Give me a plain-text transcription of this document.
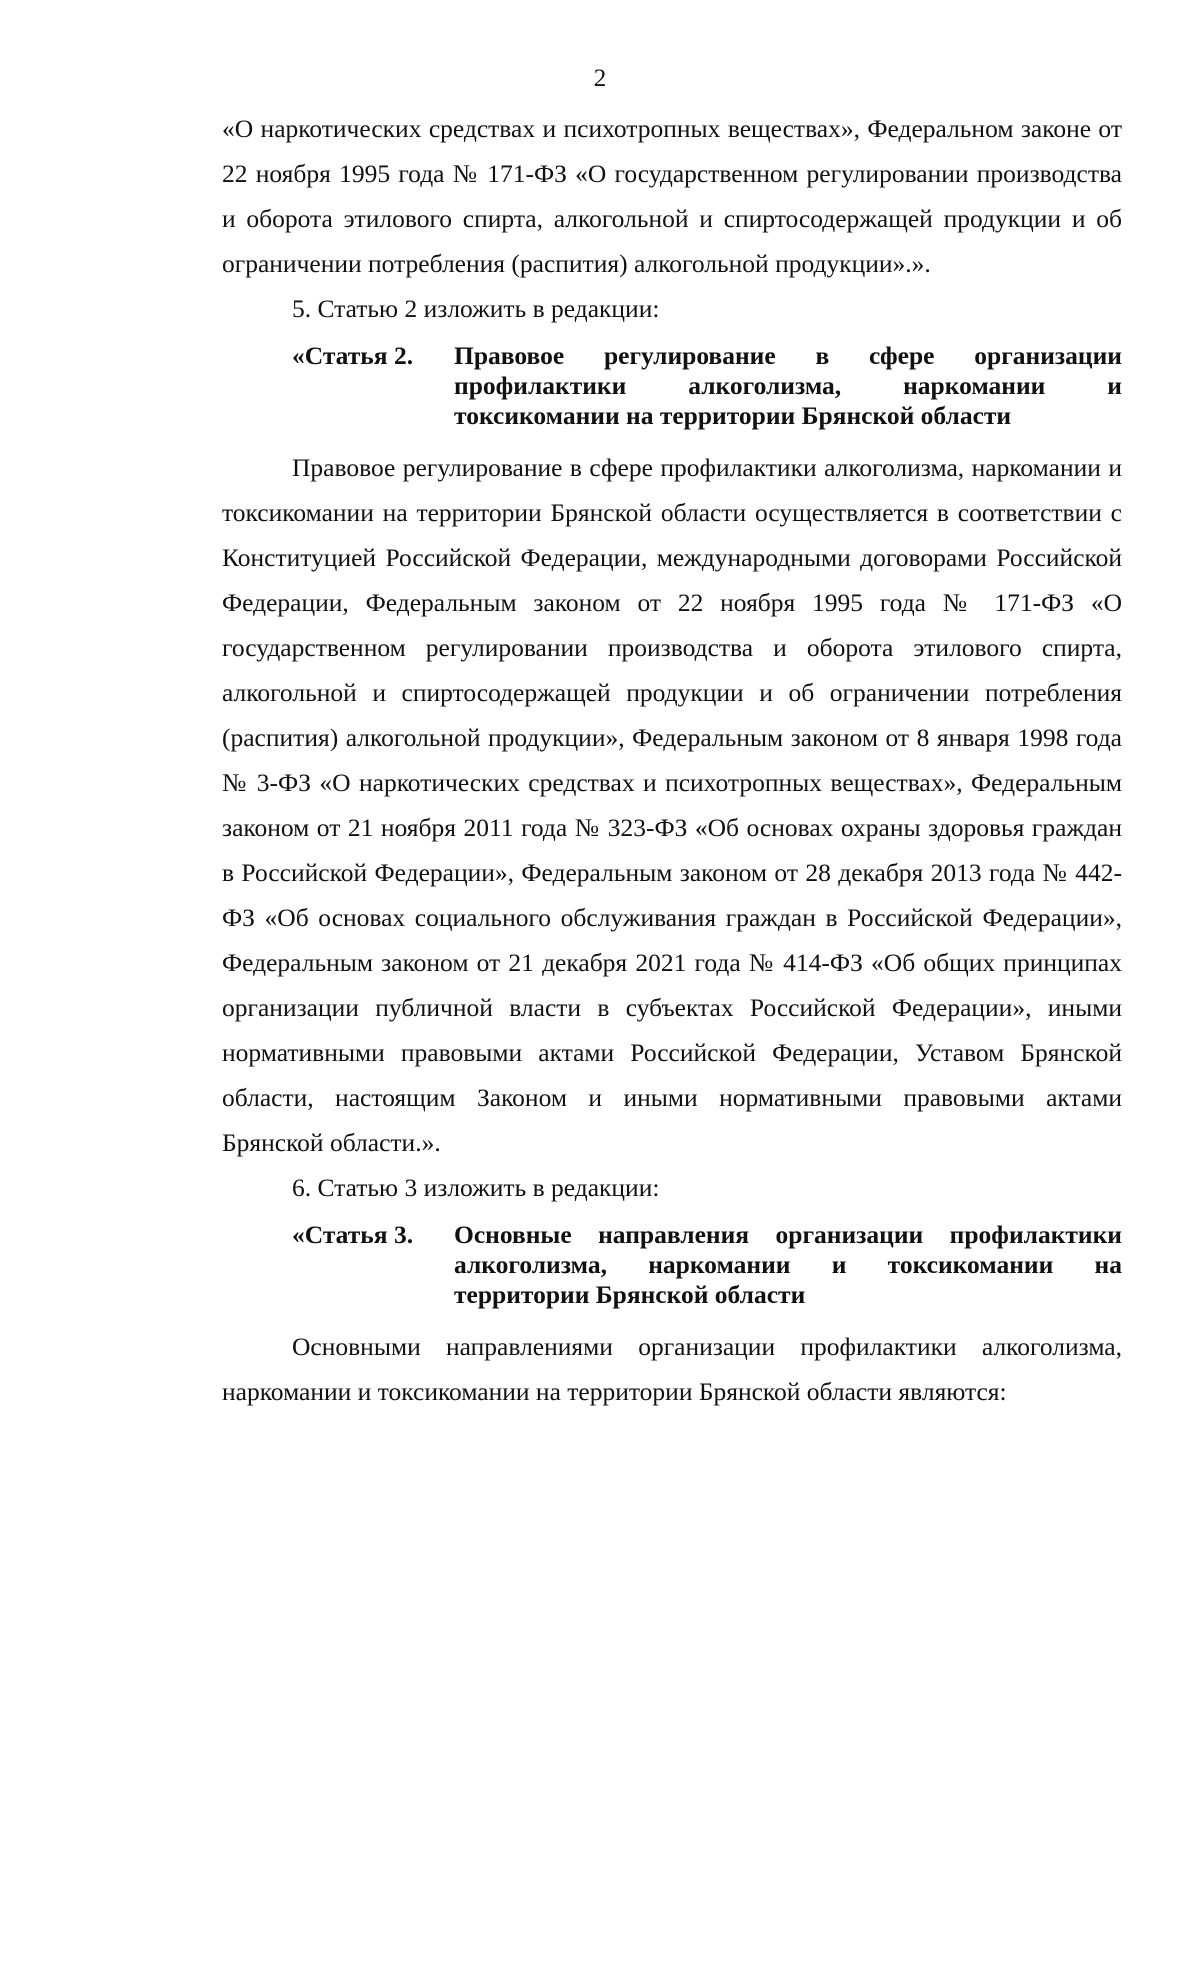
2

«О наркотических средствах и психотропных веществах», Федеральном законе от 22 ноября 1995 года № 171-ФЗ «О государственном регулировании производства и оборота этилового спирта, алкогольной и спиртосодержащей продукции и об ограничении потребления (распития) алкогольной продукции».».

5. Статью 2 изложить в редакции:

«Статья 2.	Правовое регулирование в сфере организации профилактики алкоголизма, наркомании и токсикомании на территории Брянской области

Правовое регулирование в сфере профилактики алкоголизма, наркомании и токсикомании на территории Брянской области осуществляется в соответствии с Конституцией Российской Федерации, международными договорами Российской Федерации, Федеральным законом от 22 ноября 1995 года № 171-ФЗ «О государственном регулировании производства и оборота этилового спирта, алкогольной и спиртосодержащей продукции и об ограничении потребления (распития) алкогольной продукции», Федеральным законом от 8 января 1998 года № 3-ФЗ «О наркотических средствах и психотропных веществах», Федеральным законом от 21 ноября 2011 года № 323-ФЗ «Об основах охраны здоровья граждан в Российской Федерации», Федеральным законом от 28 декабря 2013 года № 442-ФЗ «Об основах социального обслуживания граждан в Российской Федерации», Федеральным законом от 21 декабря 2021 года № 414-ФЗ «Об общих принципах организации публичной власти в субъектах Российской Федерации», иными нормативными правовыми актами Российской Федерации, Уставом Брянской области, настоящим Законом и иными нормативными правовыми актами Брянской области.».

6. Статью 3 изложить в редакции:

«Статья 3.	Основные направления организации профилактики алкоголизма, наркомании и токсикомании на территории Брянской области

Основными направлениями организации профилактики алкоголизма, наркомании и токсикомании на территории Брянской области являются:
